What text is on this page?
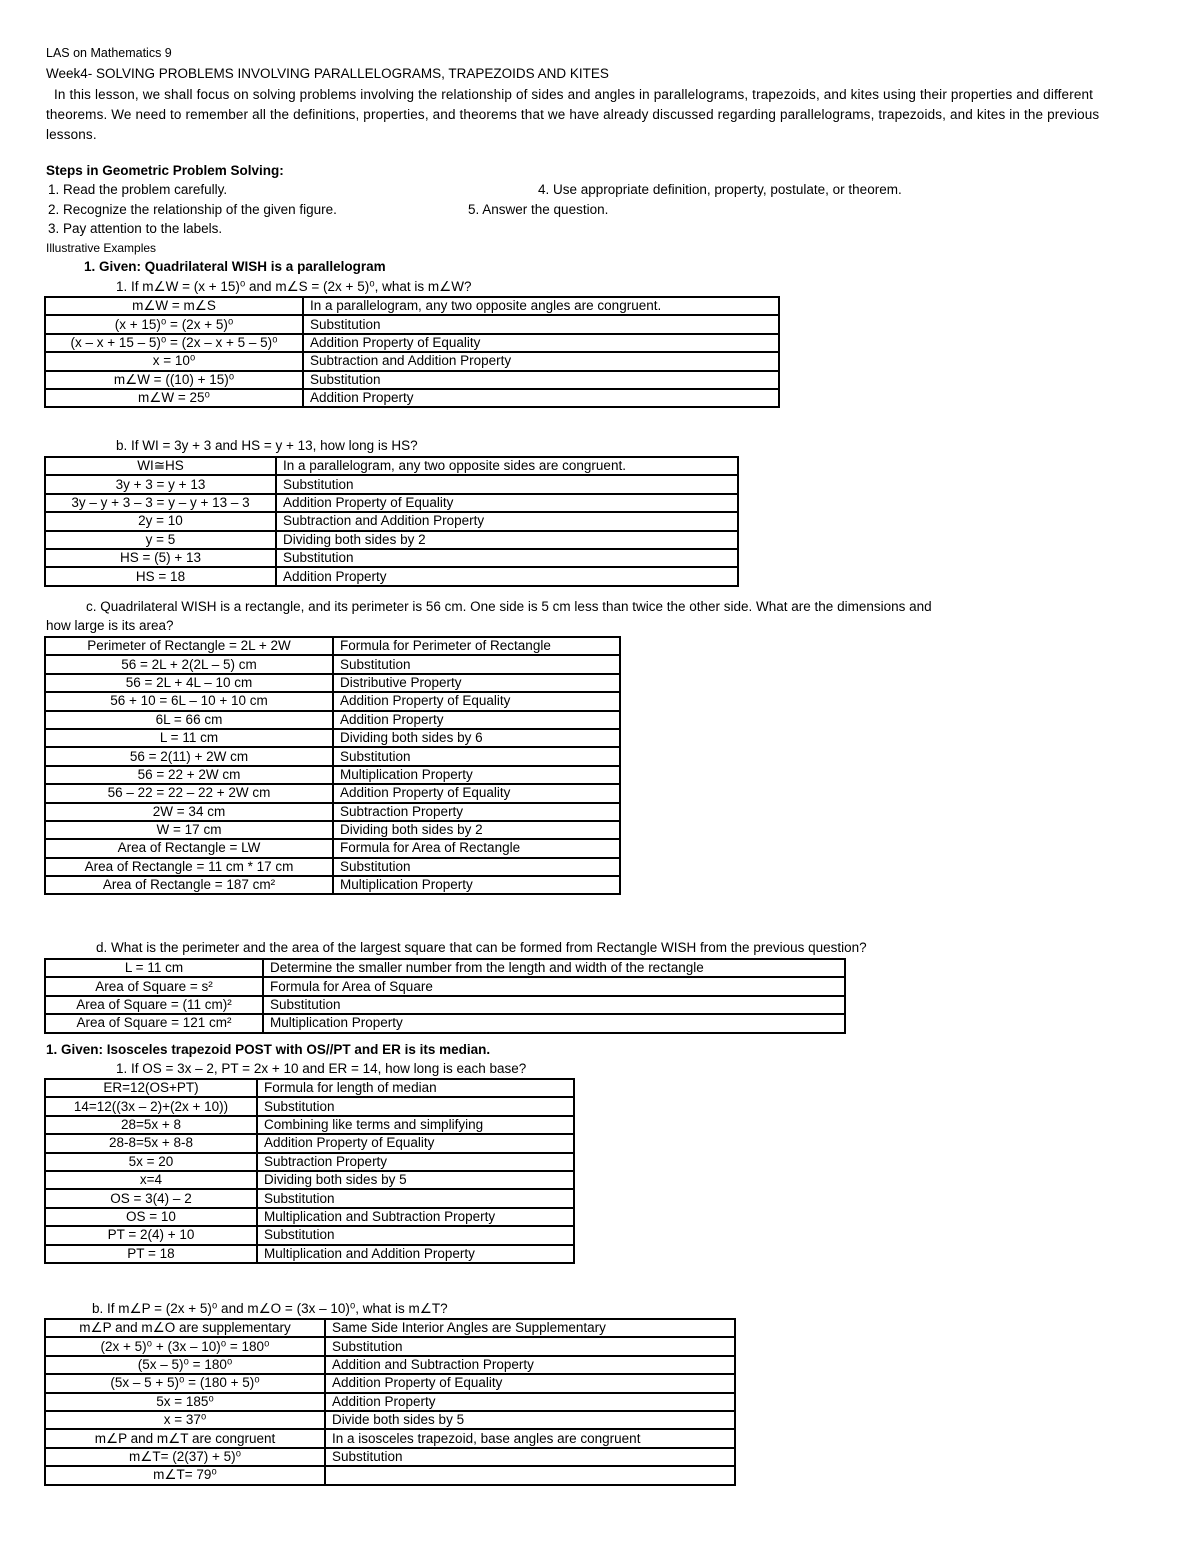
LAS on Mathematics 9
Week4- SOLVING PROBLEMS INVOLVING PARALLELOGRAMS, TRAPEZOIDS AND KITES
In this lesson, we shall focus on solving problems involving the relationship of sides and angles in parallelograms, trapezoids, and kites using their properties and different theorems. We need to remember all the definitions, properties, and theorems that we have already discussed regarding parallelograms, trapezoids, and kites in the previous lessons.
Steps in Geometric Problem Solving:
1. Read the problem carefully.	4. Use appropriate definition, property, postulate, or theorem.
2. Recognize the relationship of the given figure.	5. Answer the question.
3. Pay attention to the labels.
Illustrative Examples
1. Given: Quadrilateral WISH is a parallelogram
1. If m∠W = (x + 15)⁰ and m∠S = (2x + 5)⁰, what is m∠W?
m∠W = m∠S	In a parallelogram, any two opposite angles are congruent.
(x + 15)⁰ = (2x + 5)⁰	Substitution
(x – x + 15 – 5)⁰ = (2x – x + 5 – 5)⁰	Addition Property of Equality
x = 10⁰	Subtraction and Addition Property
m∠W = ((10) + 15)⁰	Substitution
m∠W = 25⁰	Addition Property
b. If WI = 3y + 3 and HS = y + 13, how long is HS?
WI≅HS	In a parallelogram, any two opposite sides are congruent.
3y + 3 = y + 13	Substitution
3y – y + 3 – 3 = y – y + 13 – 3	Addition Property of Equality
2y = 10	Subtraction and Addition Property
y = 5	Dividing both sides by 2
HS = (5) + 13	Substitution
HS = 18	Addition Property
c. Quadrilateral WISH is a rectangle, and its perimeter is 56 cm. One side is 5 cm less than twice the other side. What are the dimensions and
how large is its area?
Perimeter of Rectangle = 2L + 2W	Formula for Perimeter of Rectangle
56 = 2L + 2(2L – 5) cm	Substitution
56 = 2L + 4L – 10 cm	Distributive Property
56 + 10 = 6L – 10 + 10 cm	Addition Property of Equality
6L = 66 cm	Addition Property
L = 11 cm	Dividing both sides by 6
56 = 2(11) + 2W cm	Substitution
56 = 22 + 2W cm	Multiplication Property
56 – 22 = 22 – 22 + 2W cm	Addition Property of Equality
2W = 34 cm	Subtraction Property
W = 17 cm	Dividing both sides by 2
Area of Rectangle = LW	Formula for Area of Rectangle
Area of Rectangle = 11 cm * 17 cm	Substitution
Area of Rectangle = 187 cm²	Multiplication Property
d. What is the perimeter and the area of the largest square that can be formed from Rectangle WISH from the previous question?
L = 11 cm	Determine the smaller number from the length and width of the rectangle
Area of Square = s²	Formula for Area of Square
Area of Square = (11 cm)²	Substitution
Area of Square = 121 cm²	Multiplication Property
1. Given: Isosceles trapezoid POST with OS//PT and ER is its median.
1. If OS = 3x – 2, PT = 2x + 10 and ER = 14, how long is each base?
ER=12(OS+PT)	Formula for length of median
14=12((3x – 2)+(2x + 10))	Substitution
28=5x + 8	Combining like terms and simplifying
28-8=5x + 8-8	Addition Property of Equality
5x = 20	Subtraction Property
x=4	Dividing both sides by 5
OS = 3(4) – 2	Substitution
OS = 10	Multiplication and Subtraction Property
PT = 2(4) + 10	Substitution
PT = 18	Multiplication and Addition Property
b. If m∠P = (2x + 5)⁰ and m∠O = (3x – 10)⁰, what is m∠T?
m∠P and m∠O are supplementary	Same Side Interior Angles are Supplementary
(2x + 5)⁰ + (3x – 10)⁰ = 180⁰	Substitution
(5x – 5)⁰ = 180⁰	Addition and Subtraction Property
(5x – 5 + 5)⁰ = (180 + 5)⁰	Addition Property of Equality
5x = 185⁰	Addition Property
x = 37⁰	Divide both sides by 5
m∠P and m∠T are congruent	In a isosceles trapezoid, base angles are congruent
m∠T= (2(37) + 5)⁰	Substitution
m∠T= 79⁰	
